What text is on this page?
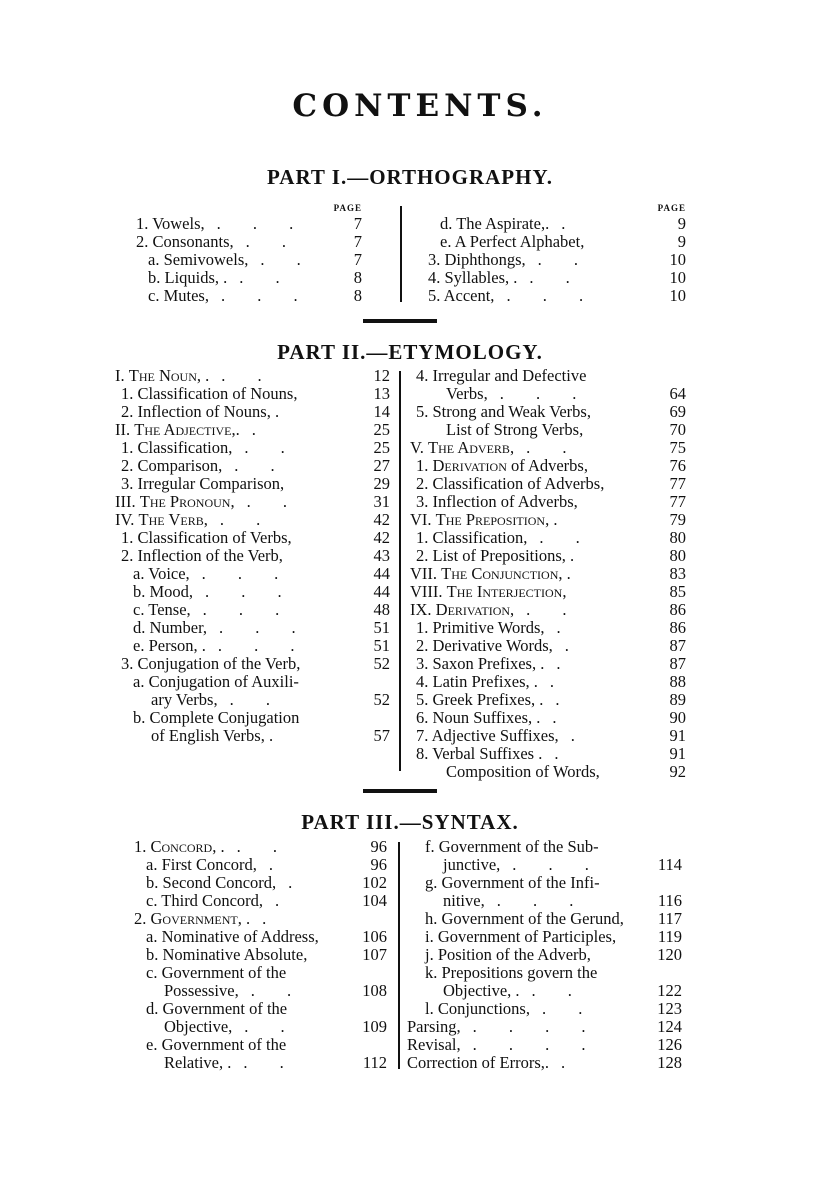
CONTENTS.
PART I.—ORTHOGRAPHY.
PAGE
1. Vowels, . . .	7
2. Consonants, . .	7
a. Semivowels, . . 7
b. Liquids, . . .	8
c. Mutes, . . .	8
PAGE
d. The Aspirate,. .	9
e. A Perfect Alphabet,	9
3. Diphthongs, . .	10
4. Syllables, . . .	10
5. Accent, . . .	10
PART II.—ETYMOLOGY.
I. The Noun, . . .	12
1. Classification of Nouns,	13
2. Inflection of Nouns, .	14
II. The Adjective,. .	25
1. Classification, . .	25
2. Comparison, . .	27
3. Irregular Comparison,	29
III. The Pronoun, . .	31
IV. The Verb, . .	42
1. Classification of Verbs,	42
2. Inflection of the Verb,	43
a. Voice, . . .	44
b. Mood, . . .	44
c. Tense, . . .	48
d. Number, . . .	51
e. Person, . . . .	51
3. Conjugation of the Verb,	52
a. Conjugation of Auxili-
ary Verbs, . .	52
b. Complete Conjugation
of English Verbs, .	57
4. Irregular and Defective
Verbs, . . .	64
5. Strong and Weak Verbs,	69
List of Strong Verbs,	70
V. The Adverb, . .	75
1. Derivation of Adverbs,	76
2. Classification of Adverbs,	77
3. Inflection of Adverbs,	77
VI. The Preposition, .	79
1. Classification, . .	80
2. List of Prepositions, .	80
VII. The Conjunction, .	83
VIII. The Interjection,	85
IX. Derivation, . .	86
1. Primitive Words, .	86
2. Derivative Words, .	87
3. Saxon Prefixes, . .	87
4. Latin Prefixes, . .	88
5. Greek Prefixes, . .	89
6. Noun Suffixes, . .	90
7. Adjective Suffixes, .	91
8. Verbal Suffixes . .	91
Composition of Words,	92
PART III.—SYNTAX.
1. Concord, . . .	96
a. First Concord, .	96
b. Second Concord, .	102
c. Third Concord, .	104
2. Government, . .
a. Nominative of Address,	106
b. Nominative Absolute,	107
c. Government of the
Possessive, . .	108
d. Government of the
Objective, . .	109
e. Government of the
Relative, . . .	112
f. Government of the Sub-
junctive, . . .	114
g. Government of the Infi-
nitive, . . .	116
h. Government of the Gerund, 117
i. Government of Participles,	119
j. Position of the Adverb,	120
k. Prepositions govern the
Objective, . . .	122
l. Conjunctions, . .	123
Parsing, . . . .	124
Revisal, . . . .	126
Correction of Errors,. .	128
